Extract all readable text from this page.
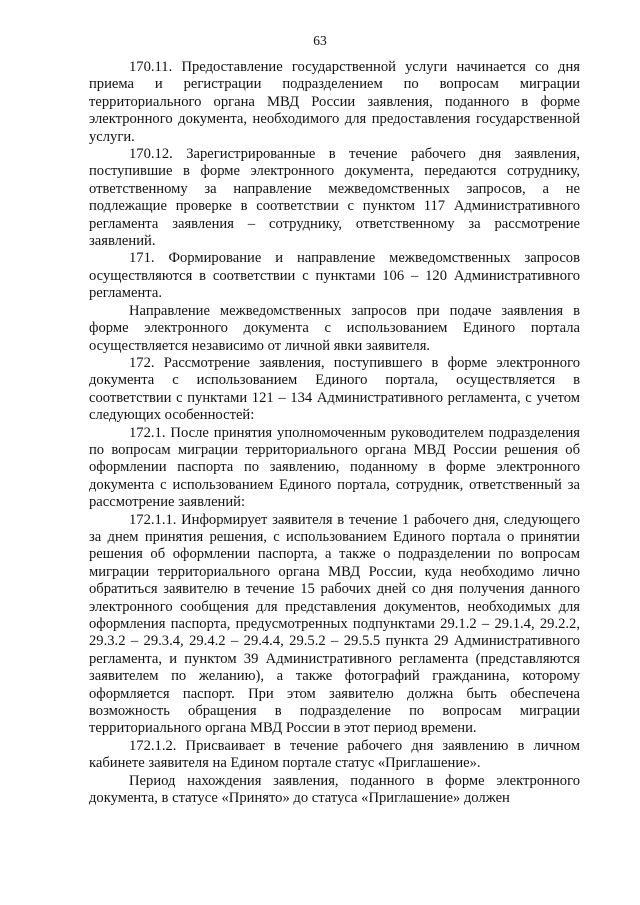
63

170.11. Предоставление государственной услуги начинается со дня приема и регистрации подразделением по вопросам миграции территориального органа МВД России заявления, поданного в форме электронного документа, необходимого для предоставления государственной услуги.

170.12. Зарегистрированные в течение рабочего дня заявления, поступившие в форме электронного документа, передаются сотруднику, ответственному за направление межведомственных запросов, а не подлежащие проверке в соответствии с пунктом 117 Административного регламента заявления – сотруднику, ответственному за рассмотрение заявлений.

171. Формирование и направление межведомственных запросов осуществляются в соответствии с пунктами 106 – 120 Административного регламента.

Направление межведомственных запросов при подаче заявления в форме электронного документа с использованием Единого портала осуществляется независимо от личной явки заявителя.

172. Рассмотрение заявления, поступившего в форме электронного документа с использованием Единого портала, осуществляется в соответствии с пунктами 121 – 134 Административного регламента, с учетом следующих особенностей:

172.1. После принятия уполномоченным руководителем подразделения по вопросам миграции территориального органа МВД России решения об оформлении паспорта по заявлению, поданному в форме электронного документа с использованием Единого портала, сотрудник, ответственный за рассмотрение заявлений:

172.1.1. Информирует заявителя в течение 1 рабочего дня, следующего за днем принятия решения, с использованием Единого портала о принятии решения об оформлении паспорта, а также о подразделении по вопросам миграции территориального органа МВД России, куда необходимо лично обратиться заявителю в течение 15 рабочих дней со дня получения данного электронного сообщения для представления документов, необходимых для оформления паспорта, предусмотренных подпунктами 29.1.2 – 29.1.4, 29.2.2, 29.3.2 – 29.3.4, 29.4.2 – 29.4.4, 29.5.2 – 29.5.5 пункта 29 Административного регламента, и пунктом 39 Административного регламента (представляются заявителем по желанию), а также фотографий гражданина, которому оформляется паспорт. При этом заявителю должна быть обеспечена возможность обращения в подразделение по вопросам миграции территориального органа МВД России в этот период времени.

172.1.2. Присваивает в течение рабочего дня заявлению в личном кабинете заявителя на Едином портале статус «Приглашение».

Период нахождения заявления, поданного в форме электронного документа, в статусе «Принято» до статуса «Приглашение» должен
